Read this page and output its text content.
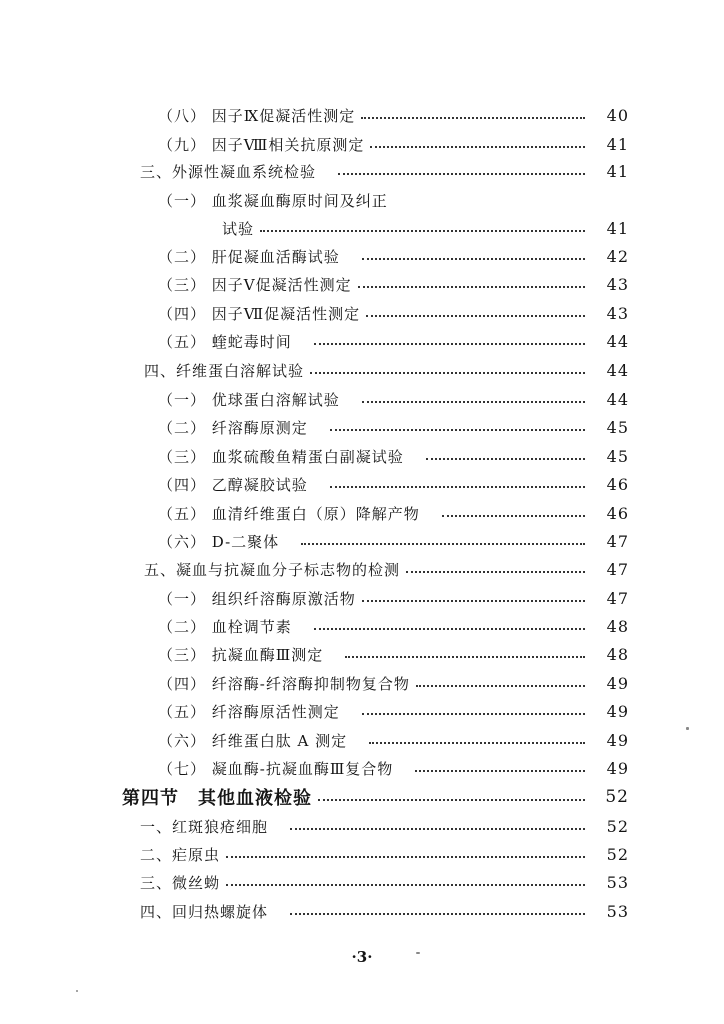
（八） 因子Ⅸ促凝活性测定	40
（九） 因子Ⅷ相关抗原测定	41
三、外源性凝血系统检验	41
（一） 血浆凝血酶原时间及纠正
试验	41
（二） 肝促凝血活酶试验	42
（三） 因子Ⅴ促凝活性测定	43
（四） 因子Ⅶ促凝活性测定	43
（五） 蝰蛇毒时间	44
四、纤维蛋白溶解试验	44
（一） 优球蛋白溶解试验	44
（二） 纤溶酶原测定	45
（三） 血浆硫酸鱼精蛋白副凝试验	45
（四） 乙醇凝胶试验	46
（五） 血清纤维蛋白（原）降解产物	46
（六） D-二聚体	47
五、凝血与抗凝血分子标志物的检测	47
（一） 组织纤溶酶原激活物	47
（二） 血栓调节素	48
（三） 抗凝血酶Ⅲ测定	48
（四） 纤溶酶-纤溶酶抑制物复合物	49
（五） 纤溶酶原活性测定	49
（六） 纤维蛋白肽 A 测定	49
（七） 凝血酶-抗凝血酶Ⅲ复合物	49
第四节　其他血液检验	52
一、红斑狼疮细胞	52
二、疟原虫	52
三、微丝蚴	53
四、回归热螺旋体	53
·3·
